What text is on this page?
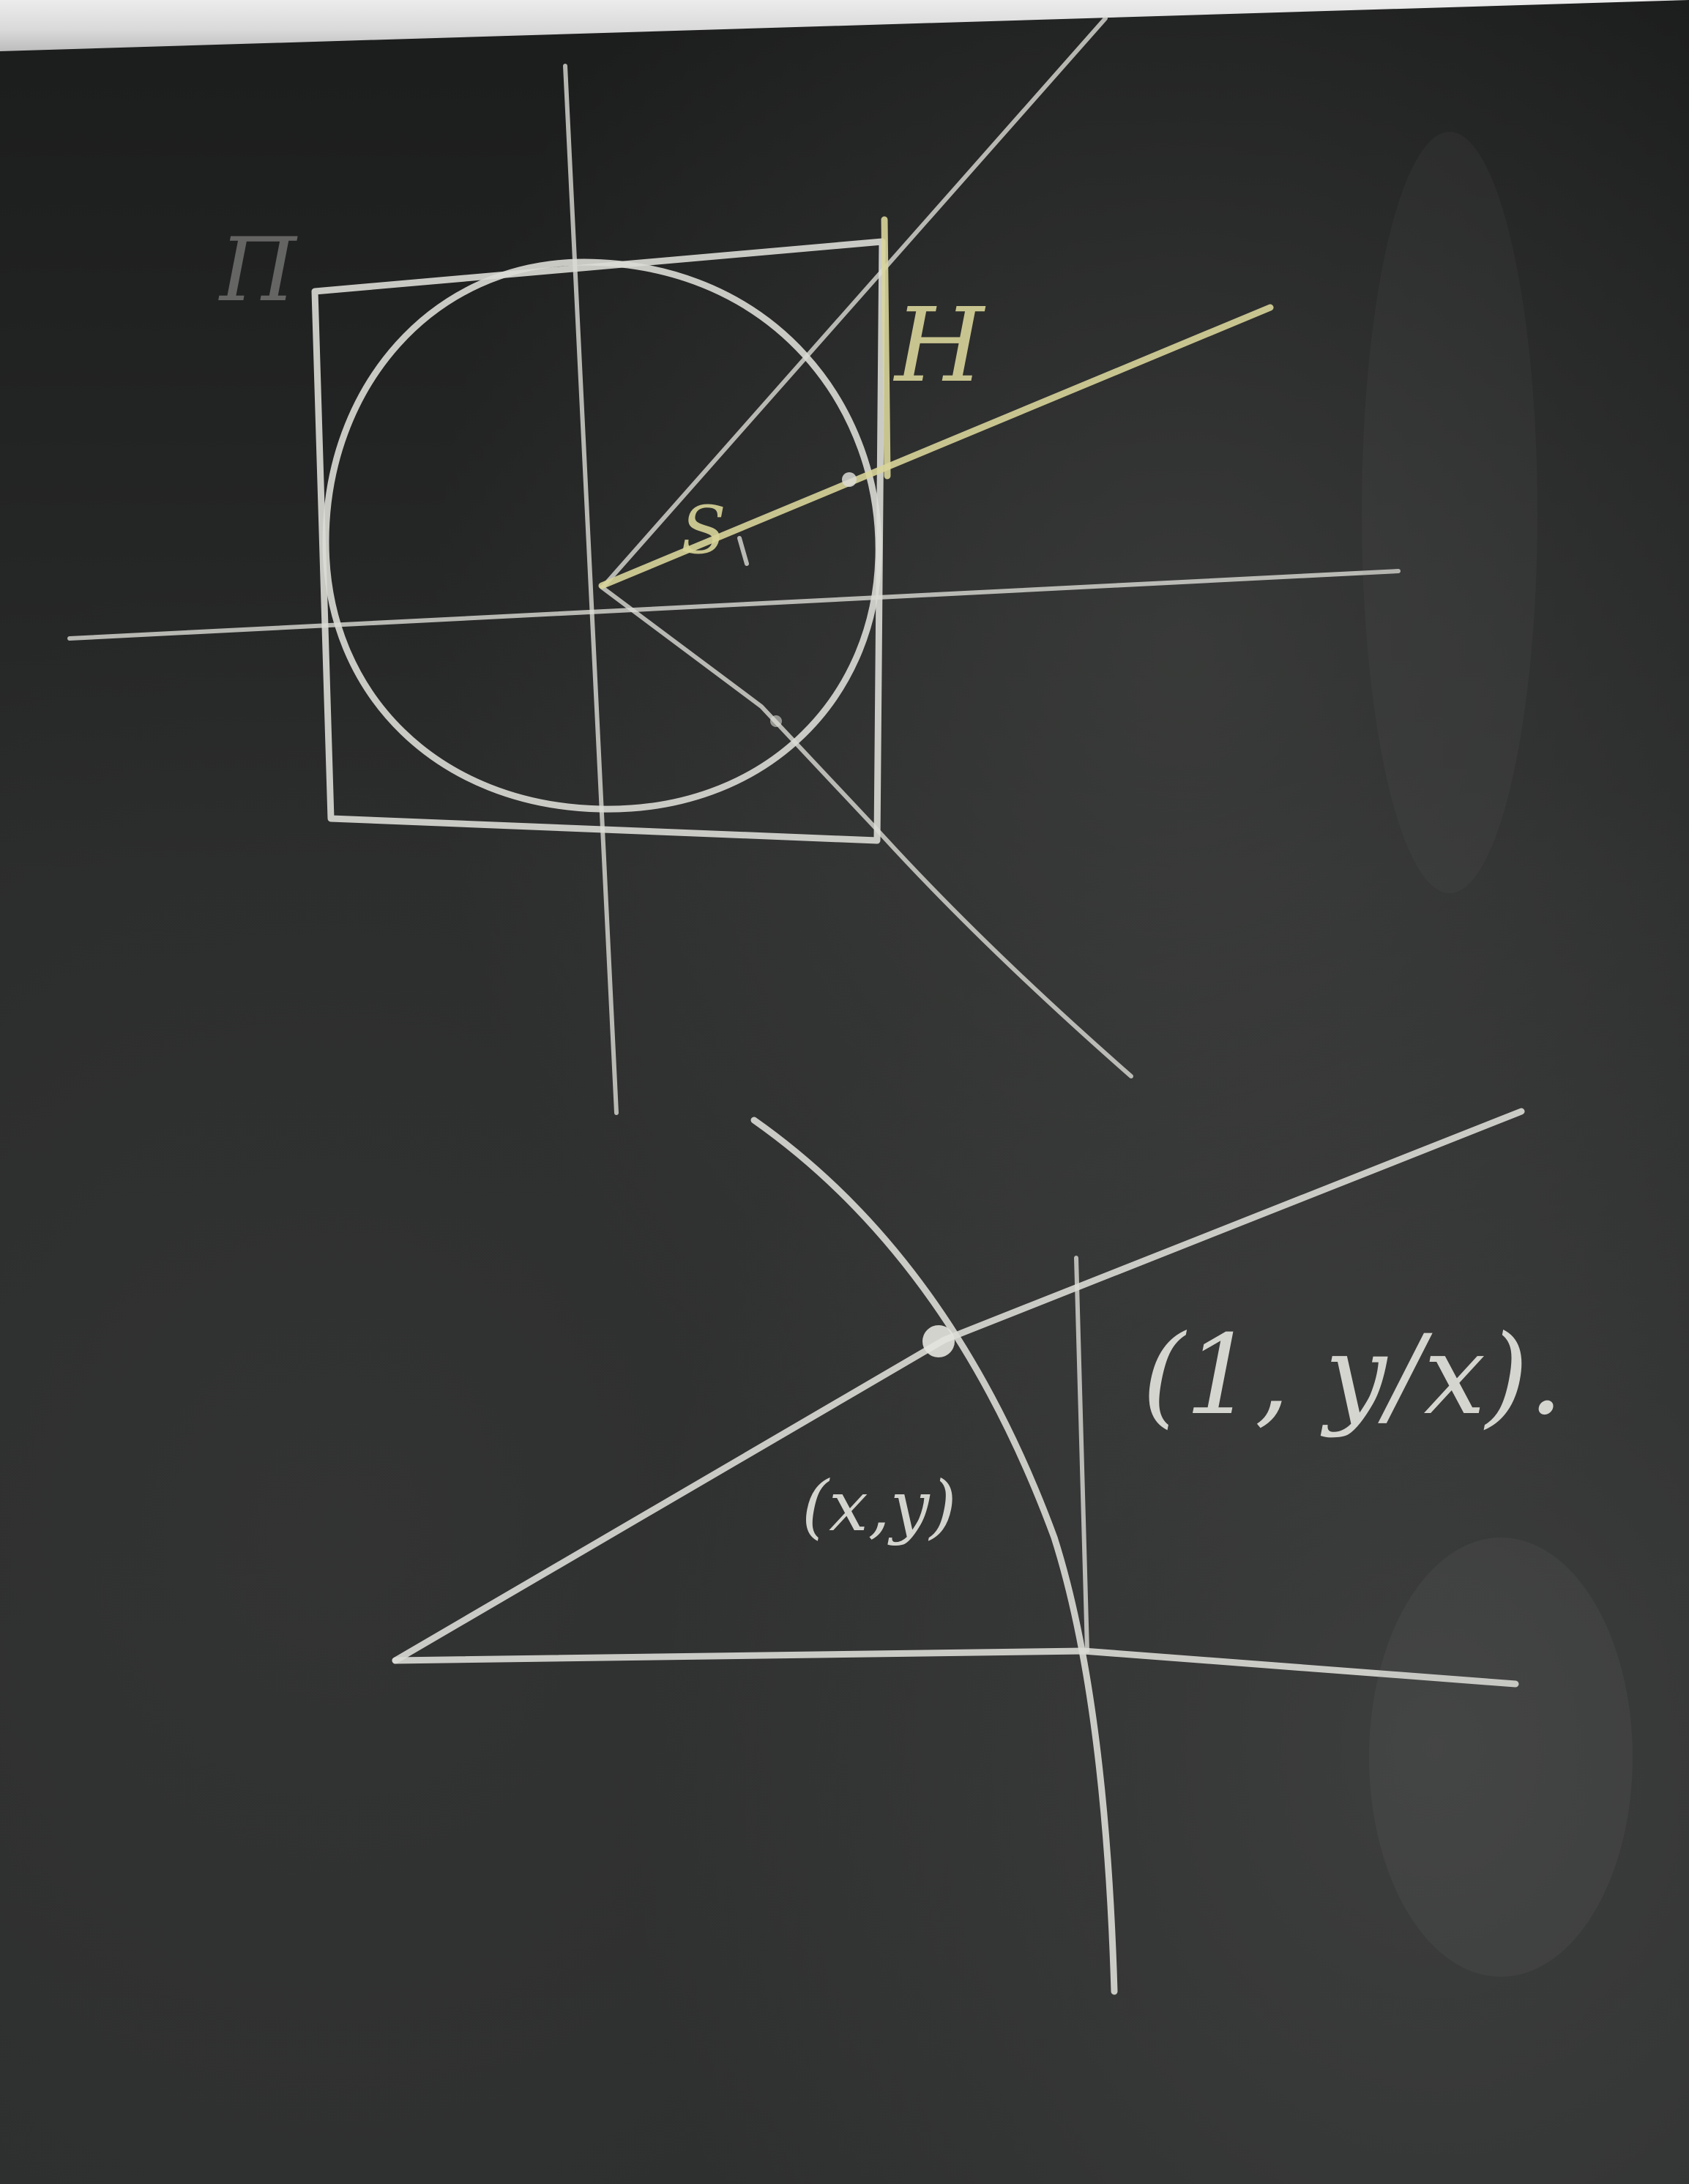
S
H
Π
(x,y)
(1, y/x).
